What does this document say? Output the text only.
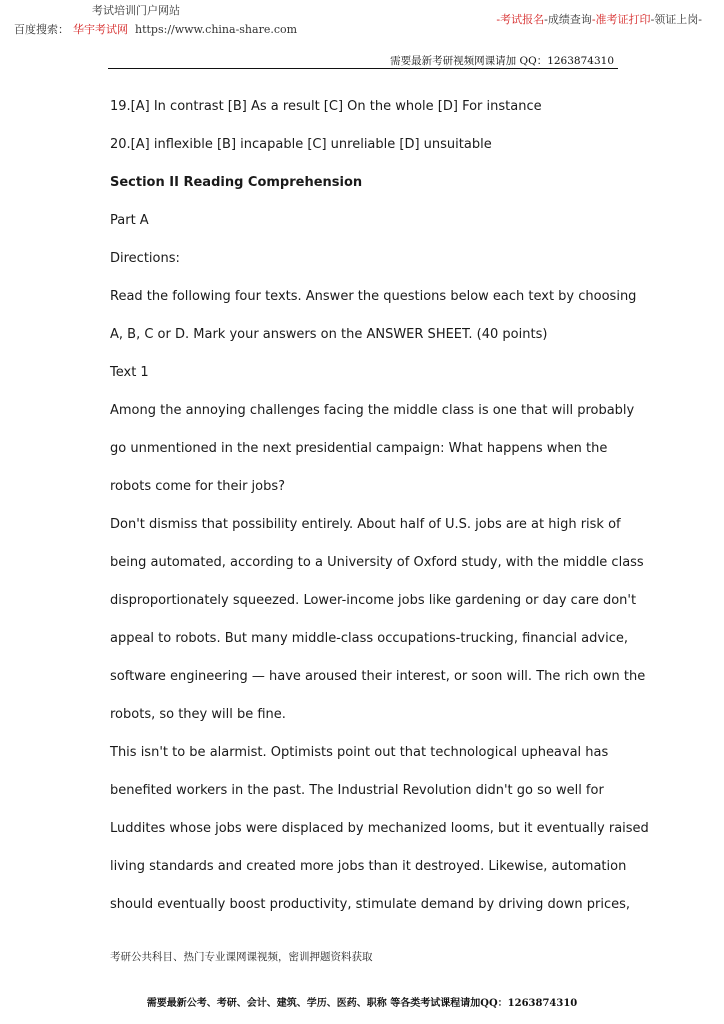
考试培训门户网站
百度搜索： 华宇考试网 https://www.china-share.com
-考试报名-成绩查询-准考证打印-领证上岗-
需要最新考研视频网课请加 QQ：1263874310
19.[A] In contrast [B] As a result [C] On the whole [D] For instance
20.[A] inflexible [B] incapable [C] unreliable [D] unsuitable
Section II Reading Comprehension
Part A
Directions:
Read the following four texts. Answer the questions below each text by choosing
A, B, C or D. Mark your answers on the ANSWER SHEET. (40 points)
Text 1
Among the annoying challenges facing the middle class is one that will probably
go unmentioned in the next presidential campaign: What happens when the
robots come for their jobs?
Don't dismiss that possibility entirely. About half of U.S. jobs are at high risk of
being automated, according to a University of Oxford study, with the middle class
disproportionately squeezed. Lower-income jobs like gardening or day care don't
appeal to robots. But many middle-class occupations-trucking, financial advice,
software engineering — have aroused their interest, or soon will. The rich own the
robots, so they will be fine.
This isn't to be alarmist. Optimists point out that technological upheaval has
benefited workers in the past. The Industrial Revolution didn't go so well for
Luddites whose jobs were displaced by mechanized looms, but it eventually raised
living standards and created more jobs than it destroyed. Likewise, automation
should eventually boost productivity, stimulate demand by driving down prices,
考研公共科目、热门专业课网课视频，密训押题资料获取
需要最新公考、考研、会计、建筑、学历、医药、职称 等各类考试课程请加QQ：1263874310
